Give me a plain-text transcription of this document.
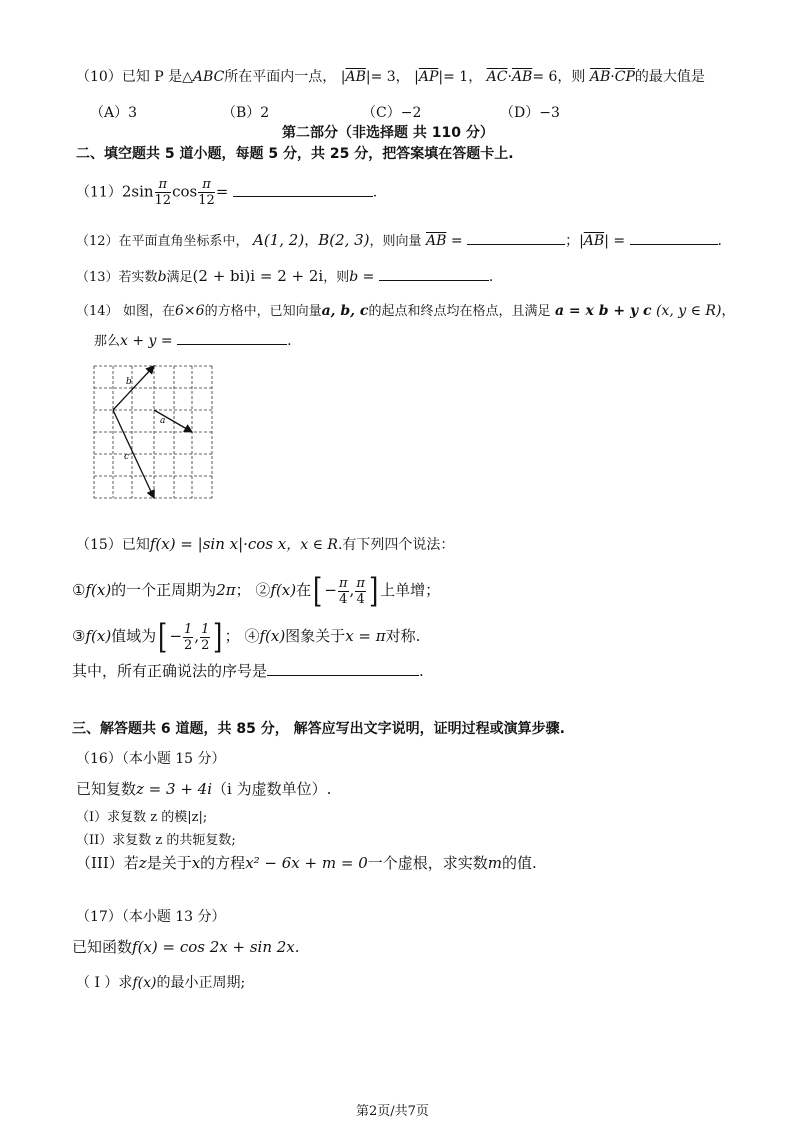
（10）已知 P 是△ABC所在平面内一点， $|\overline{AB}|= 3$， $|\overline{AP}|= 1$， $\overline{AC}\cdot\overline{AB}= 6$，则 $\overline{AB}\cdot\overline{CP}$的最大值是
（A）3	（B）2	（C）−2	（D）−3
第二部分（非选择题 共 110 分）
二、填空题共 5 道小题，每题 5 分，共 25 分，把答案填在答题卡上.
$(11)2\sin \frac{\pi}{12}$ $\cos \frac{\pi}{12}$ =	.
（12）在平面直角坐标系中， A(1, 2)，B(2, 3)，则向量 $\overline{AB}$ =	；$|\overline{AB}|$ =	.
（13）若实数b满足(2 + bi)i = 2 + 2i，则b =	.
（14） 如图，在6×6的方格中，已知向量a, b, c的起点和终点均在格点，且满足 a = x b + y c (x, y ∈ R)，
那么x + y =	.
b
a
c
（15）已知f(x) = |sin x|·cos x，x ∈ R.有下列四个说法：
①f(x)的一个正周期为2π； ②f(x)在[ − $\frac{\pi}{4}$ , $\frac{\pi}{4}$ ] 上单增；
③f(x)值域为[ − $\frac{1}{2}$ , $\frac{1}{2}$ ] ； ④f(x)图象关于x = π对称.
其中，所有正确说法的序号是	.
三、解答题共 6 道题，共 85 分， 解答应写出文字说明，证明过程或演算步骤.
（16）（本小题 15 分）
已知复数z = 3 + 4i（i 为虚数单位）.
（I）求复数 z 的模|z|;
（II）求复数 z 的共轭复数;
（III）若z是关于x的方程x² − 6x + m = 0一个虚根，求实数m的值.
（17）（本小题 13 分）
已知函数f(x) = cos 2x + sin 2x.
（ I ）求f(x)的最小正周期;
第2页/共7页
